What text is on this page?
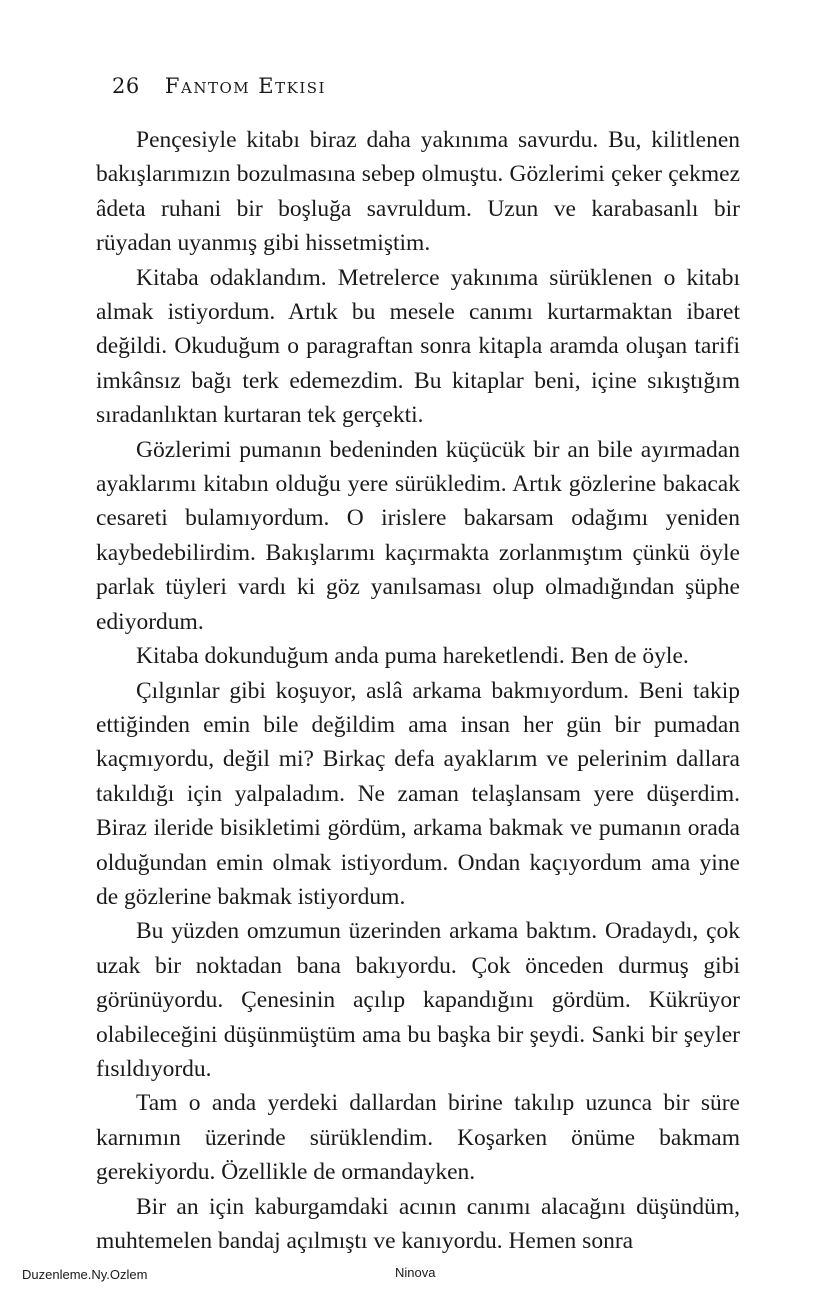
26 Fantom Etkisi

Pençesiyle kitabı biraz daha yakınıma savurdu. Bu, kilitlenen bakışlarımızın bozulmasına sebep olmuştu. Gözlerimi çeker çekmez âdeta ruhani bir boşluğa savruldum. Uzun ve karabasanlı bir rüyadan uyanmış gibi hissetmiştim.

Kitaba odaklandım. Metrelerce yakınıma sürüklenen o kitabı almak istiyordum. Artık bu mesele canımı kurtarmaktan ibaret değildi. Okuduğum o paragraftan sonra kitapla aramda oluşan tarifi imkânsız bağı terk edemezdim. Bu kitaplar beni, içine sıkıştığım sıradanlıktan kurtaran tek gerçekti.

Gözlerimi pumanın bedeninden küçücük bir an bile ayırmadan ayaklarımı kitabın olduğu yere sürükledim. Artık gözlerine bakacak cesareti bulamıyordum. O irislere bakarsam odağımı yeniden kaybedebilirdim. Bakışlarımı kaçırmakta zorlanmıştım çünkü öyle parlak tüyleri vardı ki göz yanılsaması olup olmadığından şüphe ediyordum.

Kitaba dokunduğum anda puma hareketlendi. Ben de öyle.

Çılgınlar gibi koşuyor, aslâ arkama bakmıyordum. Beni takip ettiğinden emin bile değildim ama insan her gün bir pumadan kaçmıyordu, değil mi? Birkaç defa ayaklarım ve pelerinim dallara takıldığı için yalpaladım. Ne zaman telaşlansam yere düşerdim. Biraz ileride bisikletimi gördüm, arkama bakmak ve pumanın orada olduğundan emin olmak istiyordum. Ondan kaçıyordum ama yine de gözlerine bakmak istiyordum.

Bu yüzden omzumun üzerinden arkama baktım. Oradaydı, çok uzak bir noktadan bana bakıyordu. Çok önceden durmuş gibi görünüyordu. Çenesinin açılıp kapandığını gördüm. Kükrüyor olabileceğini düşünmüştüm ama bu başka bir şeydi. Sanki bir şeyler fısıldıyordu.

Tam o anda yerdeki dallardan birine takılıp uzunca bir süre karnımın üzerinde sürüklendim. Koşarken önüme bakmam gerekiyordu. Özellikle de ormandayken.

Bir an için kaburgamdaki acının canımı alacağını düşündüm, muhtemelen bandaj açılmıştı ve kanıyordu. Hemen sonra

Duzenleme.Ny.Ozlem	Ninova
